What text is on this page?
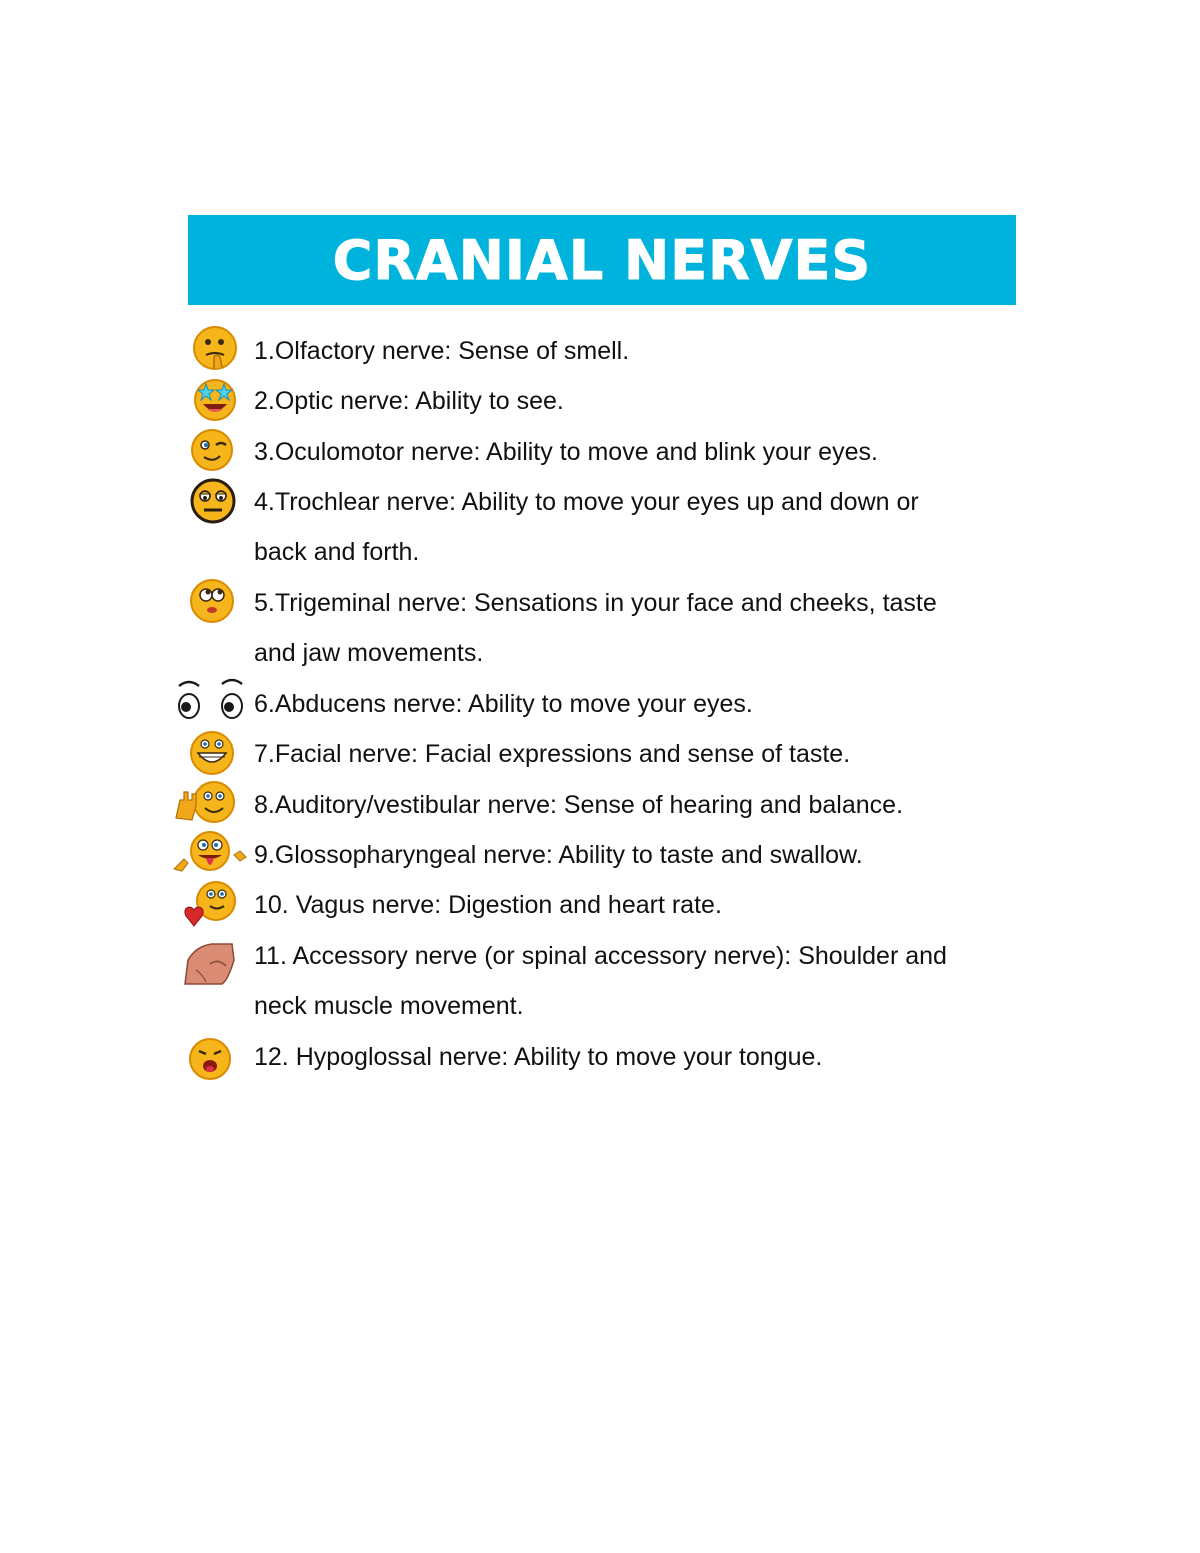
CRANIAL NERVES
1.Olfactory nerve: Sense of smell.
2.Optic nerve: Ability to see.
3.Oculomotor nerve: Ability to move and blink your eyes.
4.Trochlear nerve: Ability to move your eyes up and down or
back and forth.
5.Trigeminal nerve: Sensations in your face and cheeks, taste
and jaw movements.
6.Abducens nerve: Ability to move your eyes.
7.Facial nerve: Facial expressions and sense of taste.
8.Auditory/vestibular nerve: Sense of hearing and balance.
9.Glossopharyngeal nerve: Ability to taste and swallow.
10. Vagus nerve: Digestion and heart rate.
11. Accessory nerve (or spinal accessory nerve): Shoulder and
neck muscle movement.
12. Hypoglossal nerve: Ability to move your tongue.
